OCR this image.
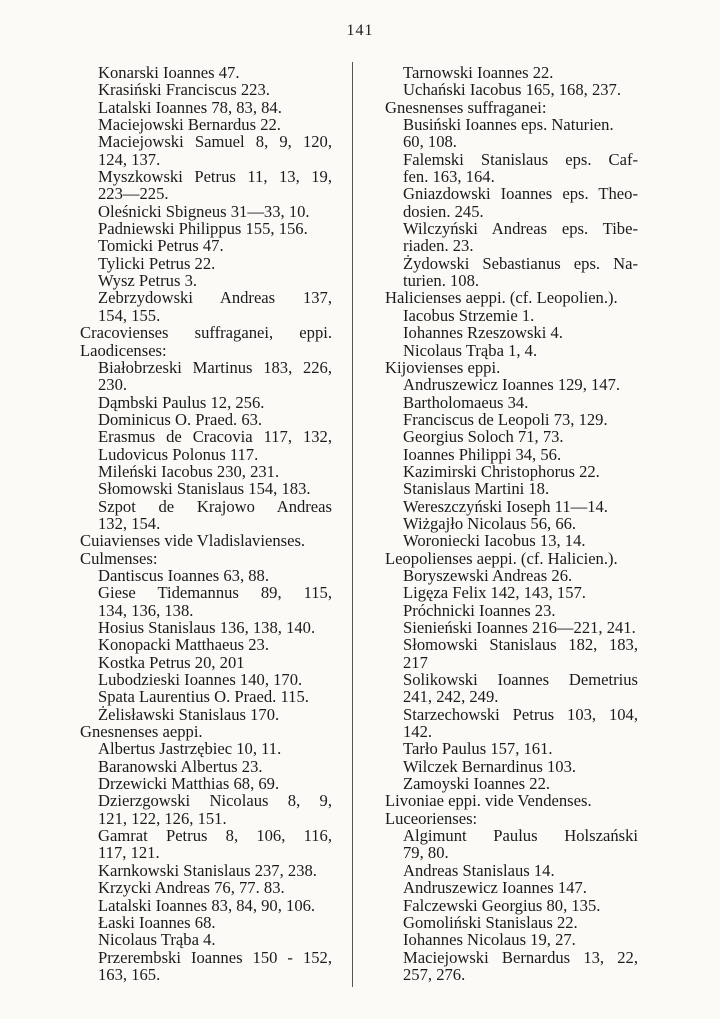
141
Konarski Ioannes 47.
Krasiński Franciscus 223.
Latalski Ioannes 78, 83, 84.
Maciejowski Bernardus 22.
Maciejowski Samuel 8, 9, 120,
124, 137.
Myszkowski Petrus 11, 13, 19,
223—225.
Oleśnicki Sbigneus 31—33, 10.
Padniewski Philippus 155, 156.
Tomicki Petrus 47.
Tylicki Petrus 22.
Wysz Petrus 3.
Zebrzydowski Andreas 137,
154, 155.
Cracovienses suffraganei, eppi.
Laodicenses:
Białobrzeski Martinus 183, 226,
230.
Dąmbski Paulus 12, 256.
Dominicus O. Praed. 63.
Erasmus de Cracovia 117, 132,
Ludovicus Polonus 117.
Mileński Iacobus 230, 231.
Słomowski Stanislaus 154, 183.
Szpot de Krajowo Andreas
132, 154.
Cuiavienses vide Vladislavienses.
Culmenses:
Dantiscus Ioannes 63, 88.
Giese Tidemannus 89, 115,
134, 136, 138.
Hosius Stanislaus 136, 138, 140.
Konopacki Matthaeus 23.
Kostka Petrus 20, 201
Lubodzieski Ioannes 140, 170.
Spata Laurentius O. Praed. 115.
Żelisławski Stanislaus 170.
Gnesnenses aeppi.
Albertus Jastrzębiec 10, 11.
Baranowski Albertus 23.
Drzewicki Matthias 68, 69.
Dzierzgowski Nicolaus 8, 9,
121, 122, 126, 151.
Gamrat Petrus 8, 106, 116,
117, 121.
Karnkowski Stanislaus 237, 238.
Krzycki Andreas 76, 77. 83.
Latalski Ioannes 83, 84, 90, 106.
Łaski Ioannes 68.
Nicolaus Trąba 4.
Przerembski Ioannes 150 - 152,
163, 165.
Tarnowski Ioannes 22.
Uchański Iacobus 165, 168, 237.
Gnesnenses suffraganei:
Busiński Ioannes eps. Naturien.
60, 108.
Falemski Stanislaus eps. Caf-
fen. 163, 164.
Gniazdowski Ioannes eps. Theo-
dosien. 245.
Wilczyński Andreas eps. Tibe-
riaden. 23.
Żydowski Sebastianus eps. Na-
turien. 108.
Halicienses aeppi. (cf. Leopolien.).
Iacobus Strzemie 1.
Iohannes Rzeszowski 4.
Nicolaus Trąba 1, 4.
Kijovienses eppi.
Andruszewicz Ioannes 129, 147.
Bartholomaeus 34.
Franciscus de Leopoli 73, 129.
Georgius Soloch 71, 73.
Ioannes Philippi 34, 56.
Kazimirski Christophorus 22.
Stanislaus Martini 18.
Wereszczyński Ioseph 11—14.
Wiżgajło Nicolaus 56, 66.
Woroniecki Iacobus 13, 14.
Leopolienses aeppi. (cf. Halicien.).
Boryszewski Andreas 26.
Ligęza Felix 142, 143, 157.
Próchnicki Ioannes 23.
Sienieński Ioannes 216—221, 241.
Słomowski Stanislaus 182, 183,
217
Solikowski Ioannes Demetrius
241, 242, 249.
Starzechowski Petrus 103, 104,
142.
Tarło Paulus 157, 161.
Wilczek Bernardinus 103.
Zamoyski Ioannes 22.
Livoniae eppi. vide Vendenses.
Luceorienses:
Algimunt Paulus Holszański
79, 80.
Andreas Stanislaus 14.
Andruszewicz Ioannes 147.
Falczewski Georgius 80, 135.
Gomoliński Stanislaus 22.
Iohannes Nicolaus 19, 27.
Maciejowski Bernardus 13, 22,
257, 276.
